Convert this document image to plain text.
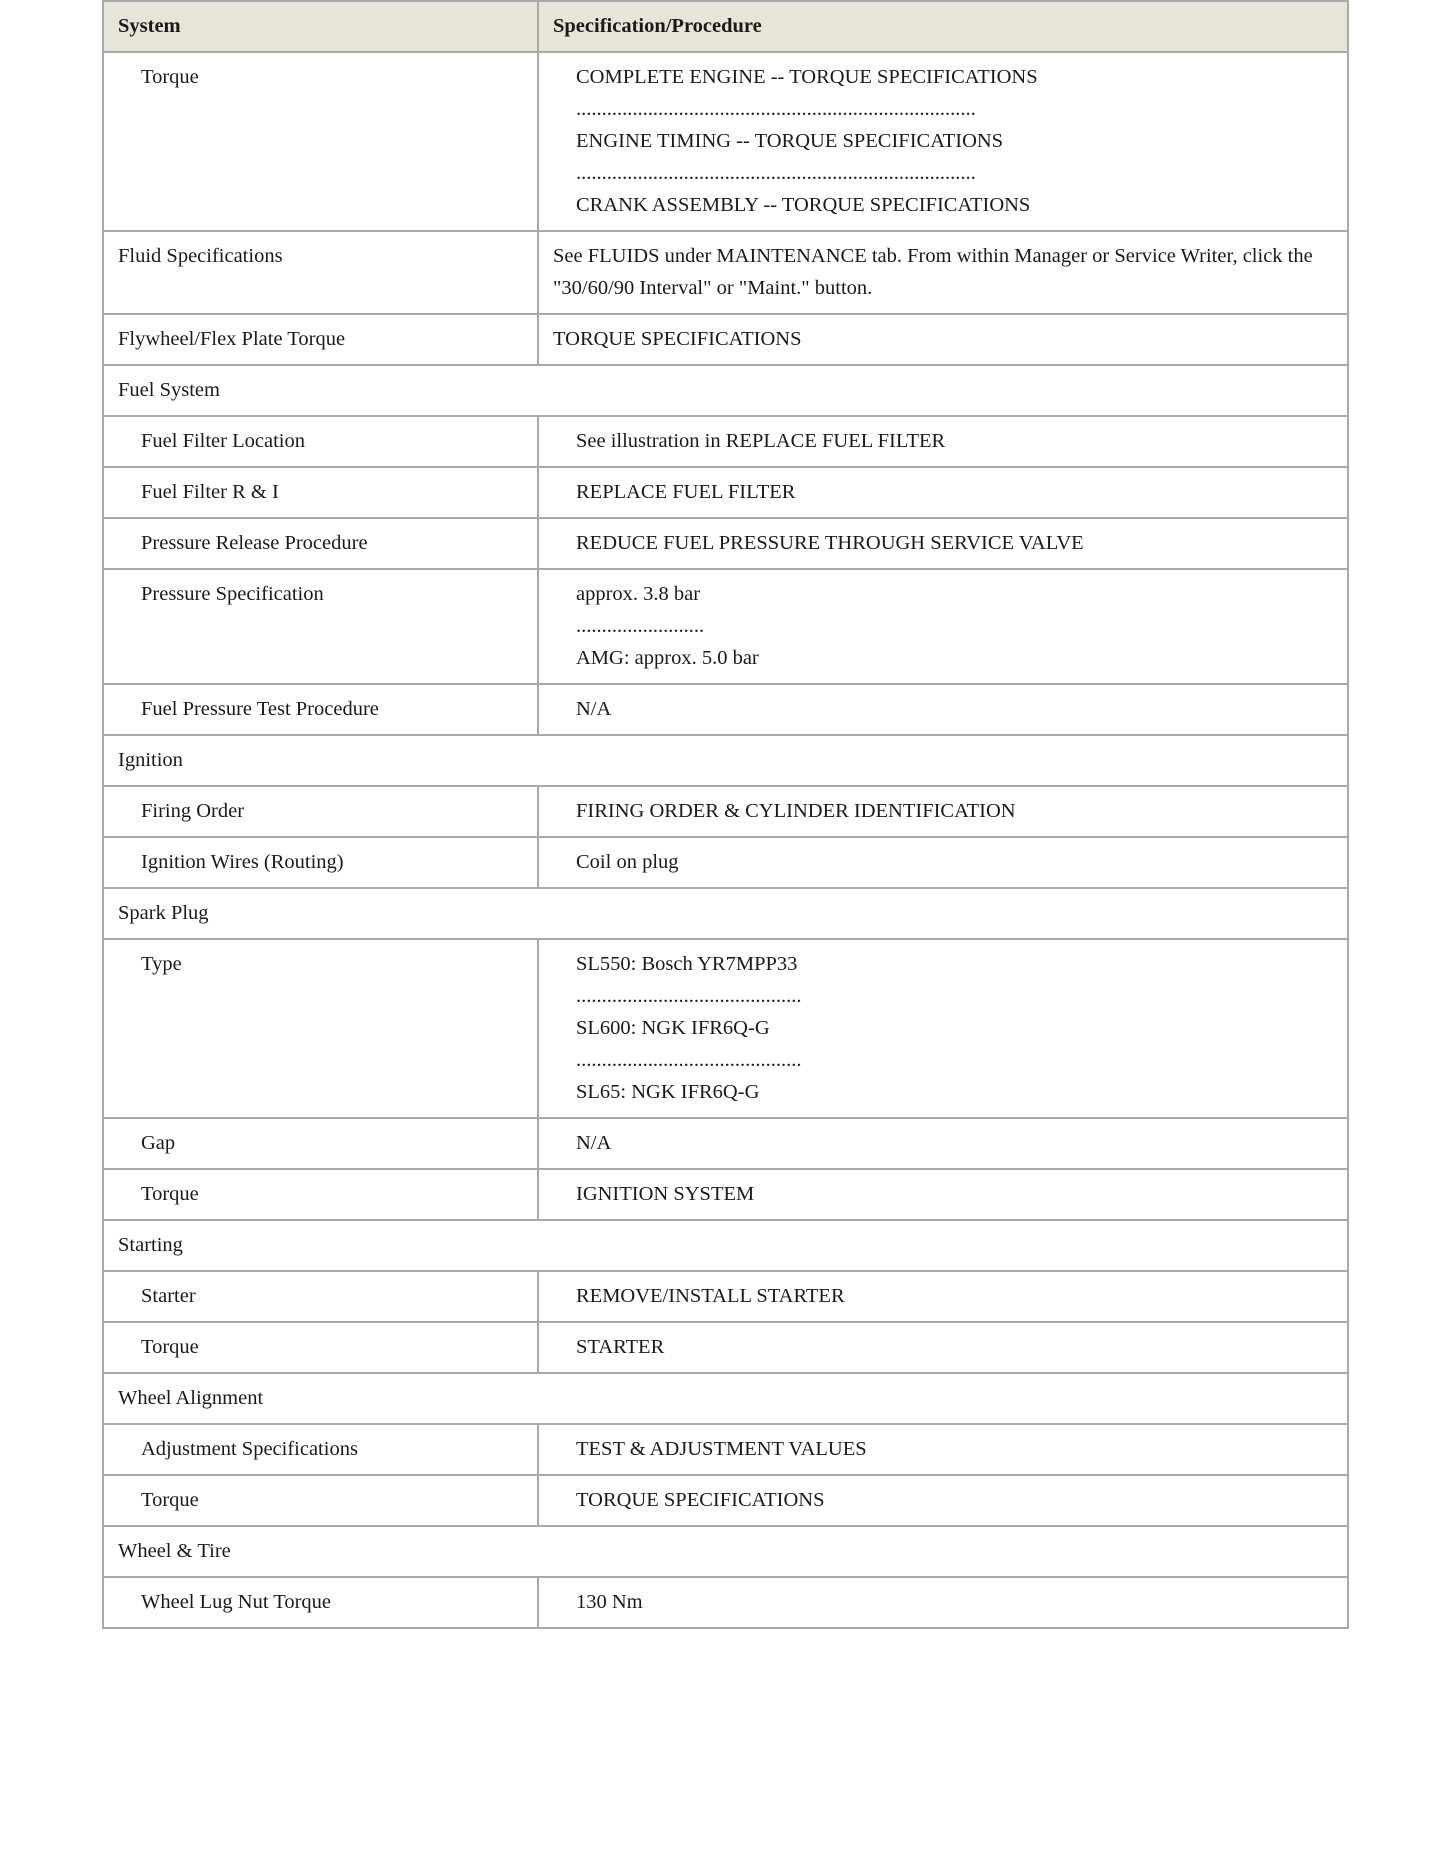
System	Specification/Procedure
Torque	COMPLETE ENGINE -- TORQUE SPECIFICATIONS
..............................................................................
ENGINE TIMING -- TORQUE SPECIFICATIONS
..............................................................................
CRANK ASSEMBLY -- TORQUE SPECIFICATIONS

Fluid Specifications	See FLUIDS under MAINTENANCE tab. From within Manager or Service Writer, click the "30/60/90 Interval" or "Maint." button.

Flywheel/Flex Plate Torque	TORQUE SPECIFICATIONS

Fuel System	
Fuel Filter Location	See illustration in REPLACE FUEL FILTER

Fuel Filter R & I	REPLACE FUEL FILTER

Pressure Release Procedure	REDUCE FUEL PRESSURE THROUGH SERVICE VALVE

Pressure Specification	approx. 3.8 bar
.........................
AMG: approx. 5.0 bar

Fuel Pressure Test Procedure	N/A

Ignition	
Firing Order	FIRING ORDER & CYLINDER IDENTIFICATION

Ignition Wires (Routing)	Coil on plug

Spark Plug	
Type	SL550: Bosch YR7MPP33
............................................
SL600: NGK IFR6Q-G
............................................
SL65: NGK IFR6Q-G

Gap	N/A

Torque	IGNITION SYSTEM

Starting	
Starter	REMOVE/INSTALL STARTER

Torque	STARTER

Wheel Alignment	
Adjustment Specifications	TEST & ADJUSTMENT VALUES

Torque	TORQUE SPECIFICATIONS

Wheel & Tire	
Wheel Lug Nut Torque	130 Nm
